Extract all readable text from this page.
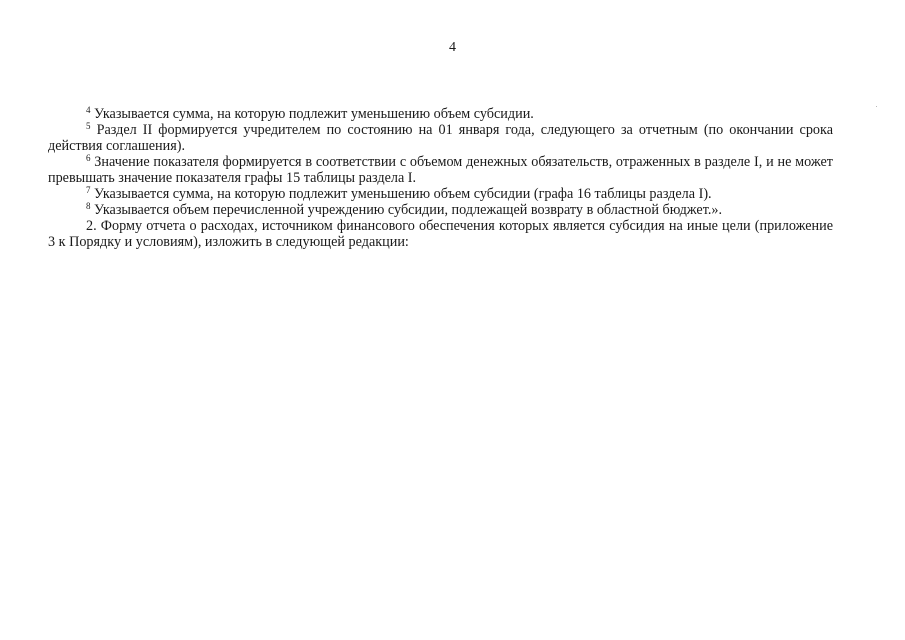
4

$^4$ Указывается сумма, на которую подлежит уменьшению объем субсидии.

$^5$ Раздел II формируется учредителем по состоянию на 01 января года, следующего за отчетным (по окончании срока действия соглашения).

$^6$ Значение показателя формируется в соответствии с объемом денежных обязательств, отраженных в разделе I, и не может превышать значение показателя графы 15 таблицы раздела I.

$^7$ Указывается сумма, на которую подлежит уменьшению объем субсидии (графа 16 таблицы раздела I).

$^8$ Указывается объем перечисленной учреждению субсидии, подлежащей возврату в областной бюджет.».

2. Форму отчета о расходах, источником финансового обеспечения которых является субсидия на иные цели (приложение 3 к Порядку и условиям), изложить в следующей редакции:
